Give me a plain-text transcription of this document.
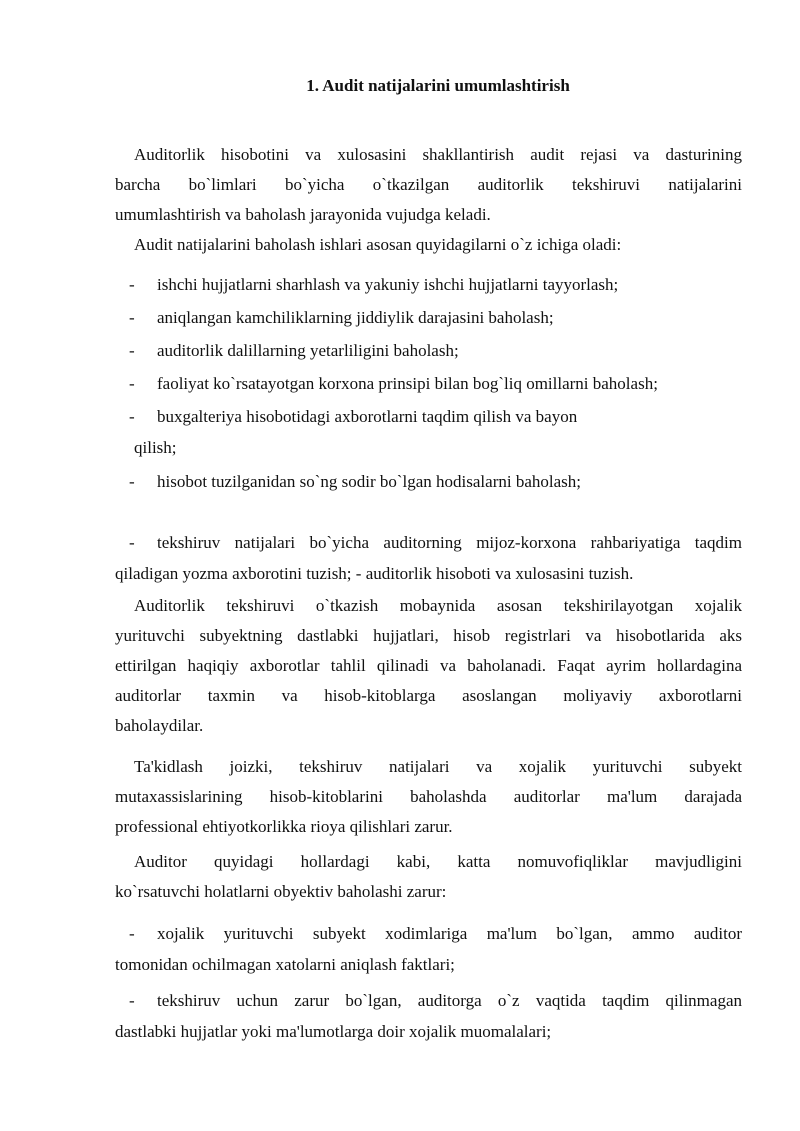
1. Audit natijalarini umumlashtirish
Auditorlik hisobotini va xulosasini shakllantirish audit rejasi va dasturining
barcha bo`limlari bo`yicha o`tkazilgan auditorlik tekshiruvi natijalarini
umumlashtirish va baholash jarayonida vujudga keladi.
Audit natijalarini baholash ishlari asosan quyidagilarni o`z ichiga oladi:
- ishchi hujjatlarni sharhlash va yakuniy ishchi hujjatlarni tayyorlash;
- aniqlangan kamchiliklarning jiddiylik darajasini baholash;
- auditorlik dalillarning yetarliligini baholash;
- faoliyat ko`rsatayotgan korxona prinsipi bilan bog`liq omillarni baholash;
- buxgalteriya hisobotidagi axborotlarni taqdim qilish va bayon
qilish;
- hisobot tuzilganidan so`ng sodir bo`lgan hodisalarni baholash;
- tekshiruv natijalari bo`yicha auditorning mijoz-korxona rahbariyatiga taqdim
qiladigan yozma axborotini tuzish; - auditorlik hisoboti va xulosasini tuzish.
Auditorlik tekshiruvi o`tkazish mobaynida asosan tekshirilayotgan xojalik
yurituvchi subyektning dastlabki hujjatlari, hisob registrlari va hisobotlarida aks
ettirilgan haqiqiy axborotlar tahlil qilinadi va baholanadi. Faqat ayrim hollardagina
auditorlar taxmin va hisob-kitoblarga asoslangan moliyaviy axborotlarni
baholaydilar.
Ta'kidlash joizki, tekshiruv natijalari va xojalik yurituvchi subyekt
mutaxassislarining hisob-kitoblarini baholashda auditorlar ma'lum darajada
professional ehtiyotkorlikka rioya qilishlari zarur.
Auditor quyidagi hollardagi kabi, katta nomuvofiqliklar mavjudligini
ko`rsatuvchi holatlarni obyektiv baholashi zarur:
- xojalik yurituvchi subyekt xodimlariga ma'lum bo`lgan, ammo auditor
tomonidan ochilmagan xatolarni aniqlash faktlari;
- tekshiruv uchun zarur bo`lgan, auditorga o`z vaqtida taqdim qilinmagan
dastlabki hujjatlar yoki ma'lumotlarga doir xojalik muomalalari;
